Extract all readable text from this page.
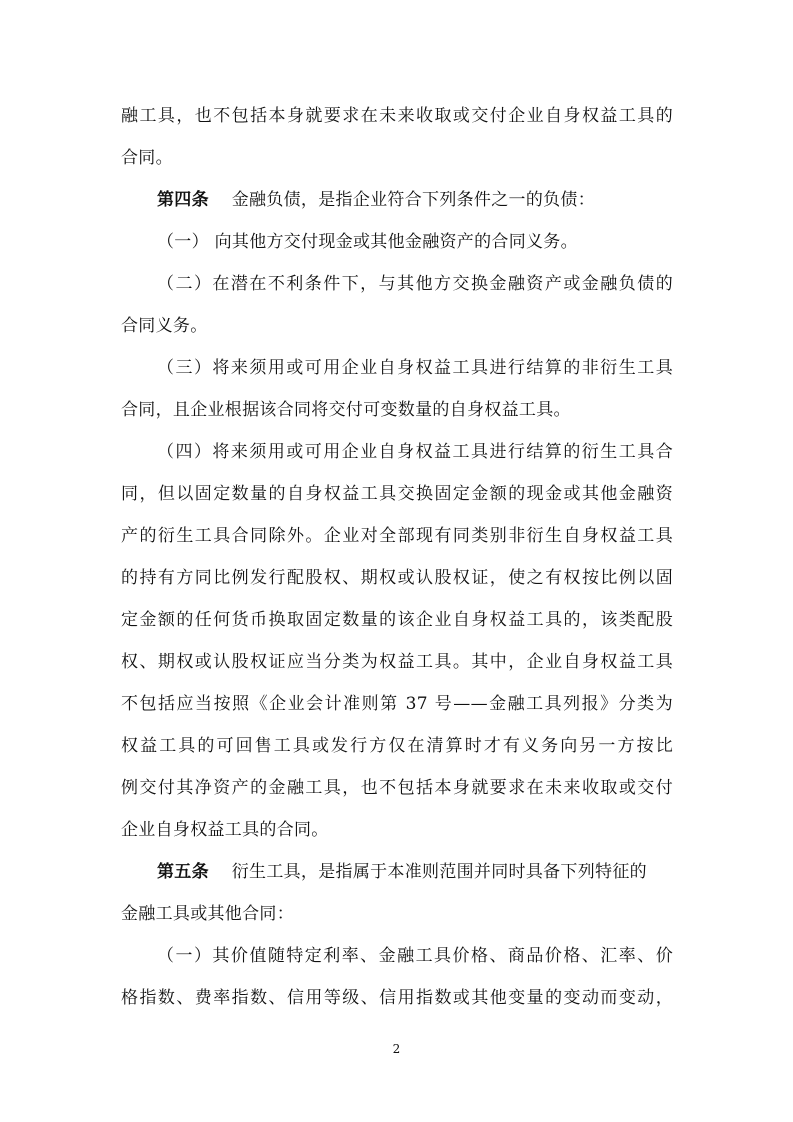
融工具，也不包括本身就要求在未来收取或交付企业自身权益工具的
合同。
第四条 金融负债，是指企业符合下列条件之一的负债：
（一） 向其他方交付现金或其他金融资产的合同义务。
（二）在潜在不利条件下，与其他方交换金融资产或金融负债的
合同义务。
（三）将来须用或可用企业自身权益工具进行结算的非衍生工具
合同，且企业根据该合同将交付可变数量的自身权益工具。
（四）将来须用或可用企业自身权益工具进行结算的衍生工具合
同，但以固定数量的自身权益工具交换固定金额的现金或其他金融资
产的衍生工具合同除外。企业对全部现有同类别非衍生自身权益工具
的持有方同比例发行配股权、期权或认股权证，使之有权按比例以固
定金额的任何货币换取固定数量的该企业自身权益工具的，该类配股
权、期权或认股权证应当分类为权益工具。其中，企业自身权益工具
不包括应当按照《企业会计准则第 37 号——金融工具列报》分类为
权益工具的可回售工具或发行方仅在清算时才有义务向另一方按比
例交付其净资产的金融工具，也不包括本身就要求在未来收取或交付
企业自身权益工具的合同。
第五条 衍生工具，是指属于本准则范围并同时具备下列特征的
金融工具或其他合同：
（一）其价值随特定利率、金融工具价格、商品价格、汇率、价
格指数、费率指数、信用等级、信用指数或其他变量的变动而变动，
2
